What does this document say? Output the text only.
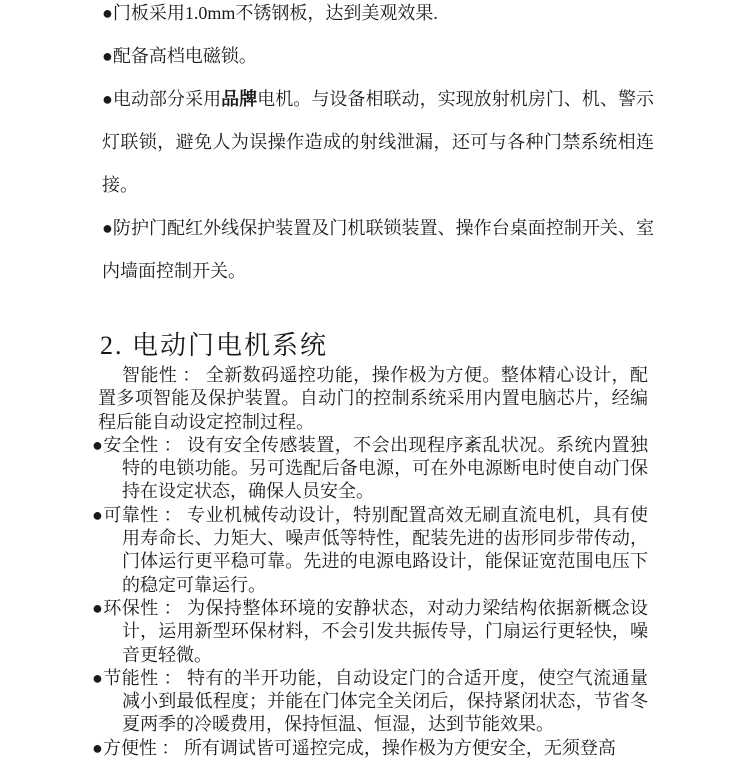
●门板采用1.0mm不锈钢板，达到美观效果.

●配备高档电磁锁。

●电动部分采用品牌电机。与设备相联动，实现放射机房门、机、警示灯联锁，避免人为误操作造成的射线泄漏，还可与各种门禁系统相连接。

●防护门配红外线保护装置及门机联锁装置、操作台桌面控制开关、室内墙面控制开关。

2. 电动门电机系统

智能性 ： 全新数码遥控功能，操作极为方便。整体精心设计，配置多项智能及保护装置。自动门的控制系统采用内置电脑芯片，经编程后能自动设定控制过程。

●安全性 ： 设有安全传感装置，不会出现程序紊乱状况。系统内置独特的电锁功能。另可选配后备电源，可在外电源断电时使自动门保持在设定状态，确保人员安全。

●可靠性 ： 专业机械传动设计，特别配置高效无刷直流电机，具有使用寿命长、力矩大、噪声低等特性，配装先进的齿形同步带传动，门体运行更平稳可靠。先进的电源电路设计，能保证宽范围电压下的稳定可靠运行。

●环保性 ： 为保持整体环境的安静状态，对动力梁结构依据新概念设计，运用新型环保材料，不会引发共振传导，门扇运行更轻快，噪音更轻微。

●节能性 ： 特有的半开功能，自动设定门的合适开度，使空气流通量减小到最低程度；并能在门体完全关闭后，保持紧闭状态，节省冬夏两季的冷暖费用，保持恒温、恒湿，达到节能效果。

●方便性 ： 所有调试皆可遥控完成，操作极为方便安全，无须登高
